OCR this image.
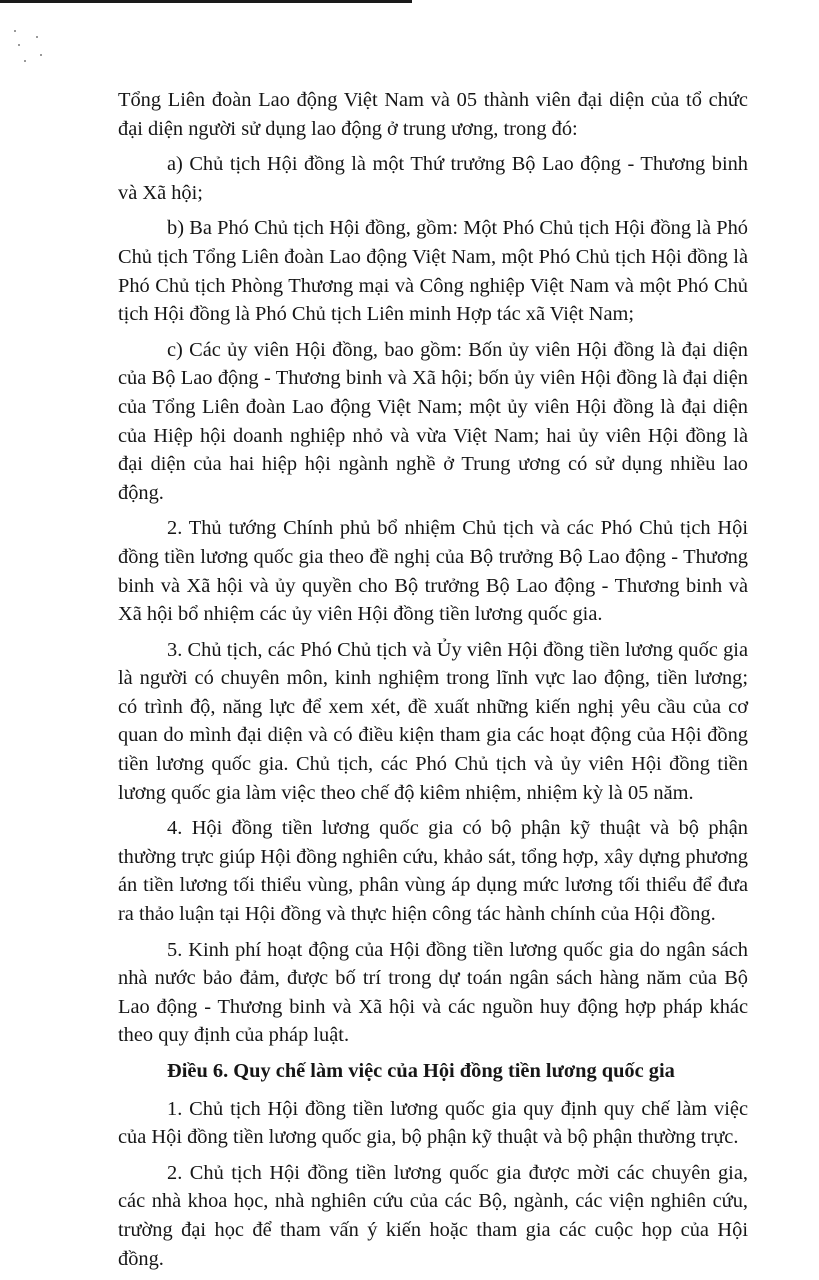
Tổng Liên đoàn Lao động Việt Nam và 05 thành viên đại diện của tổ chức đại diện người sử dụng lao động ở trung ương, trong đó:

a) Chủ tịch Hội đồng là một Thứ trưởng Bộ Lao động - Thương binh và Xã hội;

b) Ba Phó Chủ tịch Hội đồng, gồm: Một Phó Chủ tịch Hội đồng là Phó Chủ tịch Tổng Liên đoàn Lao động Việt Nam, một Phó Chủ tịch Hội đồng là Phó Chủ tịch Phòng Thương mại và Công nghiệp Việt Nam và một Phó Chủ tịch Hội đồng là Phó Chủ tịch Liên minh Hợp tác xã Việt Nam;

c) Các ủy viên Hội đồng, bao gồm: Bốn ủy viên Hội đồng là đại diện của Bộ Lao động - Thương binh và Xã hội; bốn ủy viên Hội đồng là đại diện của Tổng Liên đoàn Lao động Việt Nam; một ủy viên Hội đồng là đại diện của Hiệp hội doanh nghiệp nhỏ và vừa Việt Nam; hai ủy viên Hội đồng là đại diện của hai hiệp hội ngành nghề ở Trung ương có sử dụng nhiều lao động.

2. Thủ tướng Chính phủ bổ nhiệm Chủ tịch và các Phó Chủ tịch Hội đồng tiền lương quốc gia theo đề nghị của Bộ trưởng Bộ Lao động - Thương binh và Xã hội và ủy quyền cho Bộ trưởng Bộ Lao động - Thương binh và Xã hội bổ nhiệm các ủy viên Hội đồng tiền lương quốc gia.

3. Chủ tịch, các Phó Chủ tịch và Ủy viên Hội đồng tiền lương quốc gia là người có chuyên môn, kinh nghiệm trong lĩnh vực lao động, tiền lương; có trình độ, năng lực để xem xét, đề xuất những kiến nghị yêu cầu của cơ quan do mình đại diện và có điều kiện tham gia các hoạt động của Hội đồng tiền lương quốc gia. Chủ tịch, các Phó Chủ tịch và ủy viên Hội đồng tiền lương quốc gia làm việc theo chế độ kiêm nhiệm, nhiệm kỳ là 05 năm.

4. Hội đồng tiền lương quốc gia có bộ phận kỹ thuật và bộ phận thường trực giúp Hội đồng nghiên cứu, khảo sát, tổng hợp, xây dựng phương án tiền lương tối thiểu vùng, phân vùng áp dụng mức lương tối thiểu để đưa ra thảo luận tại Hội đồng và thực hiện công tác hành chính của Hội đồng.

5. Kinh phí hoạt động của Hội đồng tiền lương quốc gia do ngân sách nhà nước bảo đảm, được bố trí trong dự toán ngân sách hàng năm của Bộ Lao động - Thương binh và Xã hội và các nguồn huy động hợp pháp khác theo quy định của pháp luật.

Điều 6. Quy chế làm việc của Hội đồng tiền lương quốc gia

1. Chủ tịch Hội đồng tiền lương quốc gia quy định quy chế làm việc của Hội đồng tiền lương quốc gia, bộ phận kỹ thuật và bộ phận thường trực.

2. Chủ tịch Hội đồng tiền lương quốc gia được mời các chuyên gia, các nhà khoa học, nhà nghiên cứu của các Bộ, ngành, các viện nghiên cứu, trường đại học để tham vấn ý kiến hoặc tham gia các cuộc họp của Hội đồng.
